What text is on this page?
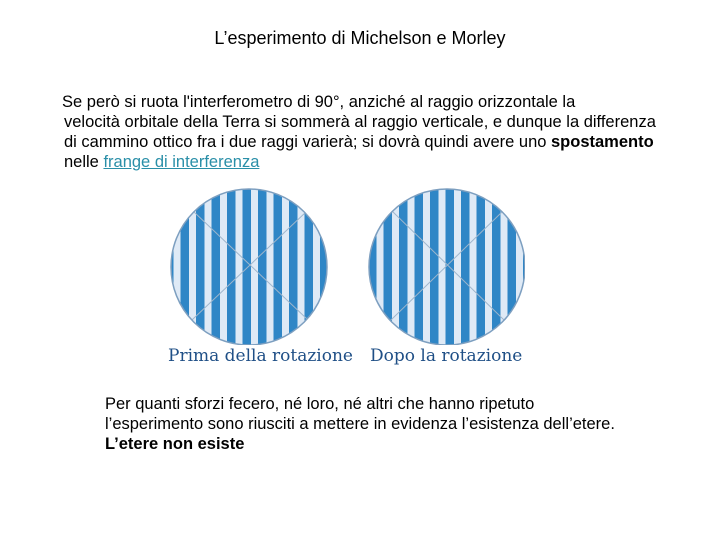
L’esperimento di Michelson e Morley
Se però si ruota l'interferometro di 90°, anziché al raggio orizzontale la
velocità orbitale della Terra si sommerà al raggio verticale, e dunque la differenza di cammino ottico fra i due raggi varierà; si dovrà quindi avere uno spostamento nelle frange di interferenza
Prima della rotazione Dopo la rotazione
Per quanti sforzi fecero, né loro, né altri che hanno ripetuto l’esperimento sono riusciti a mettere in evidenza l’esistenza dell’etere. L’etere non esiste
